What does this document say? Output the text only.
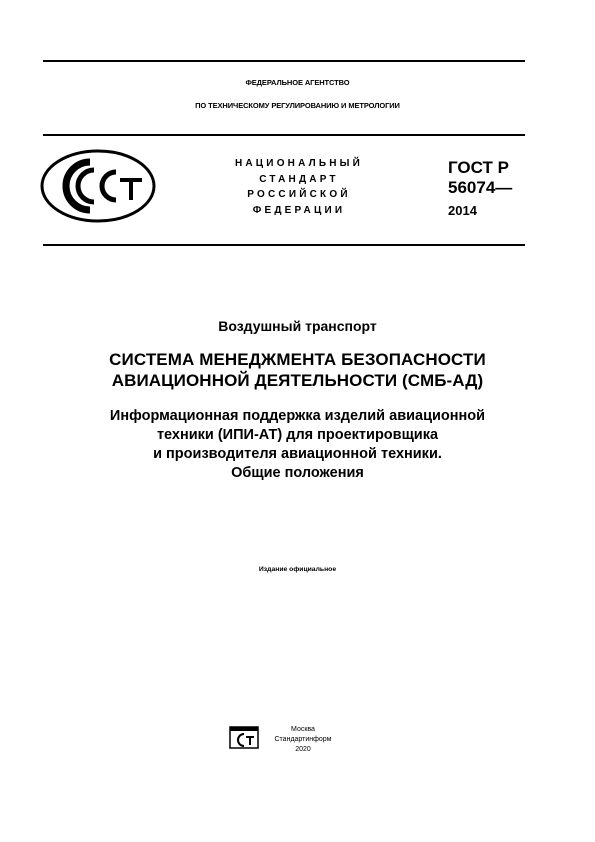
ФЕДЕРАЛЬНОЕ АГЕНТСТВО
ПО ТЕХНИЧЕСКОМУ РЕГУЛИРОВАНИЮ И МЕТРОЛОГИИ
НАЦИОНАЛЬНЫЙ
СТАНДАРТ
РОССИЙСКОЙ
ФЕДЕРАЦИИ
ГОСТ Р
56074—
2014
Воздушный транспорт
СИСТЕМА МЕНЕДЖМЕНТА БЕЗОПАСНОСТИ
АВИАЦИОННОЙ ДЕЯТЕЛЬНОСТИ (СМБ-АД)
Информационная поддержка изделий авиационной
техники (ИПИ-АТ) для проектировщика
и производителя авиационной техники.
Общие положения
Издание официальное
Москва
Стандартинформ
2020
